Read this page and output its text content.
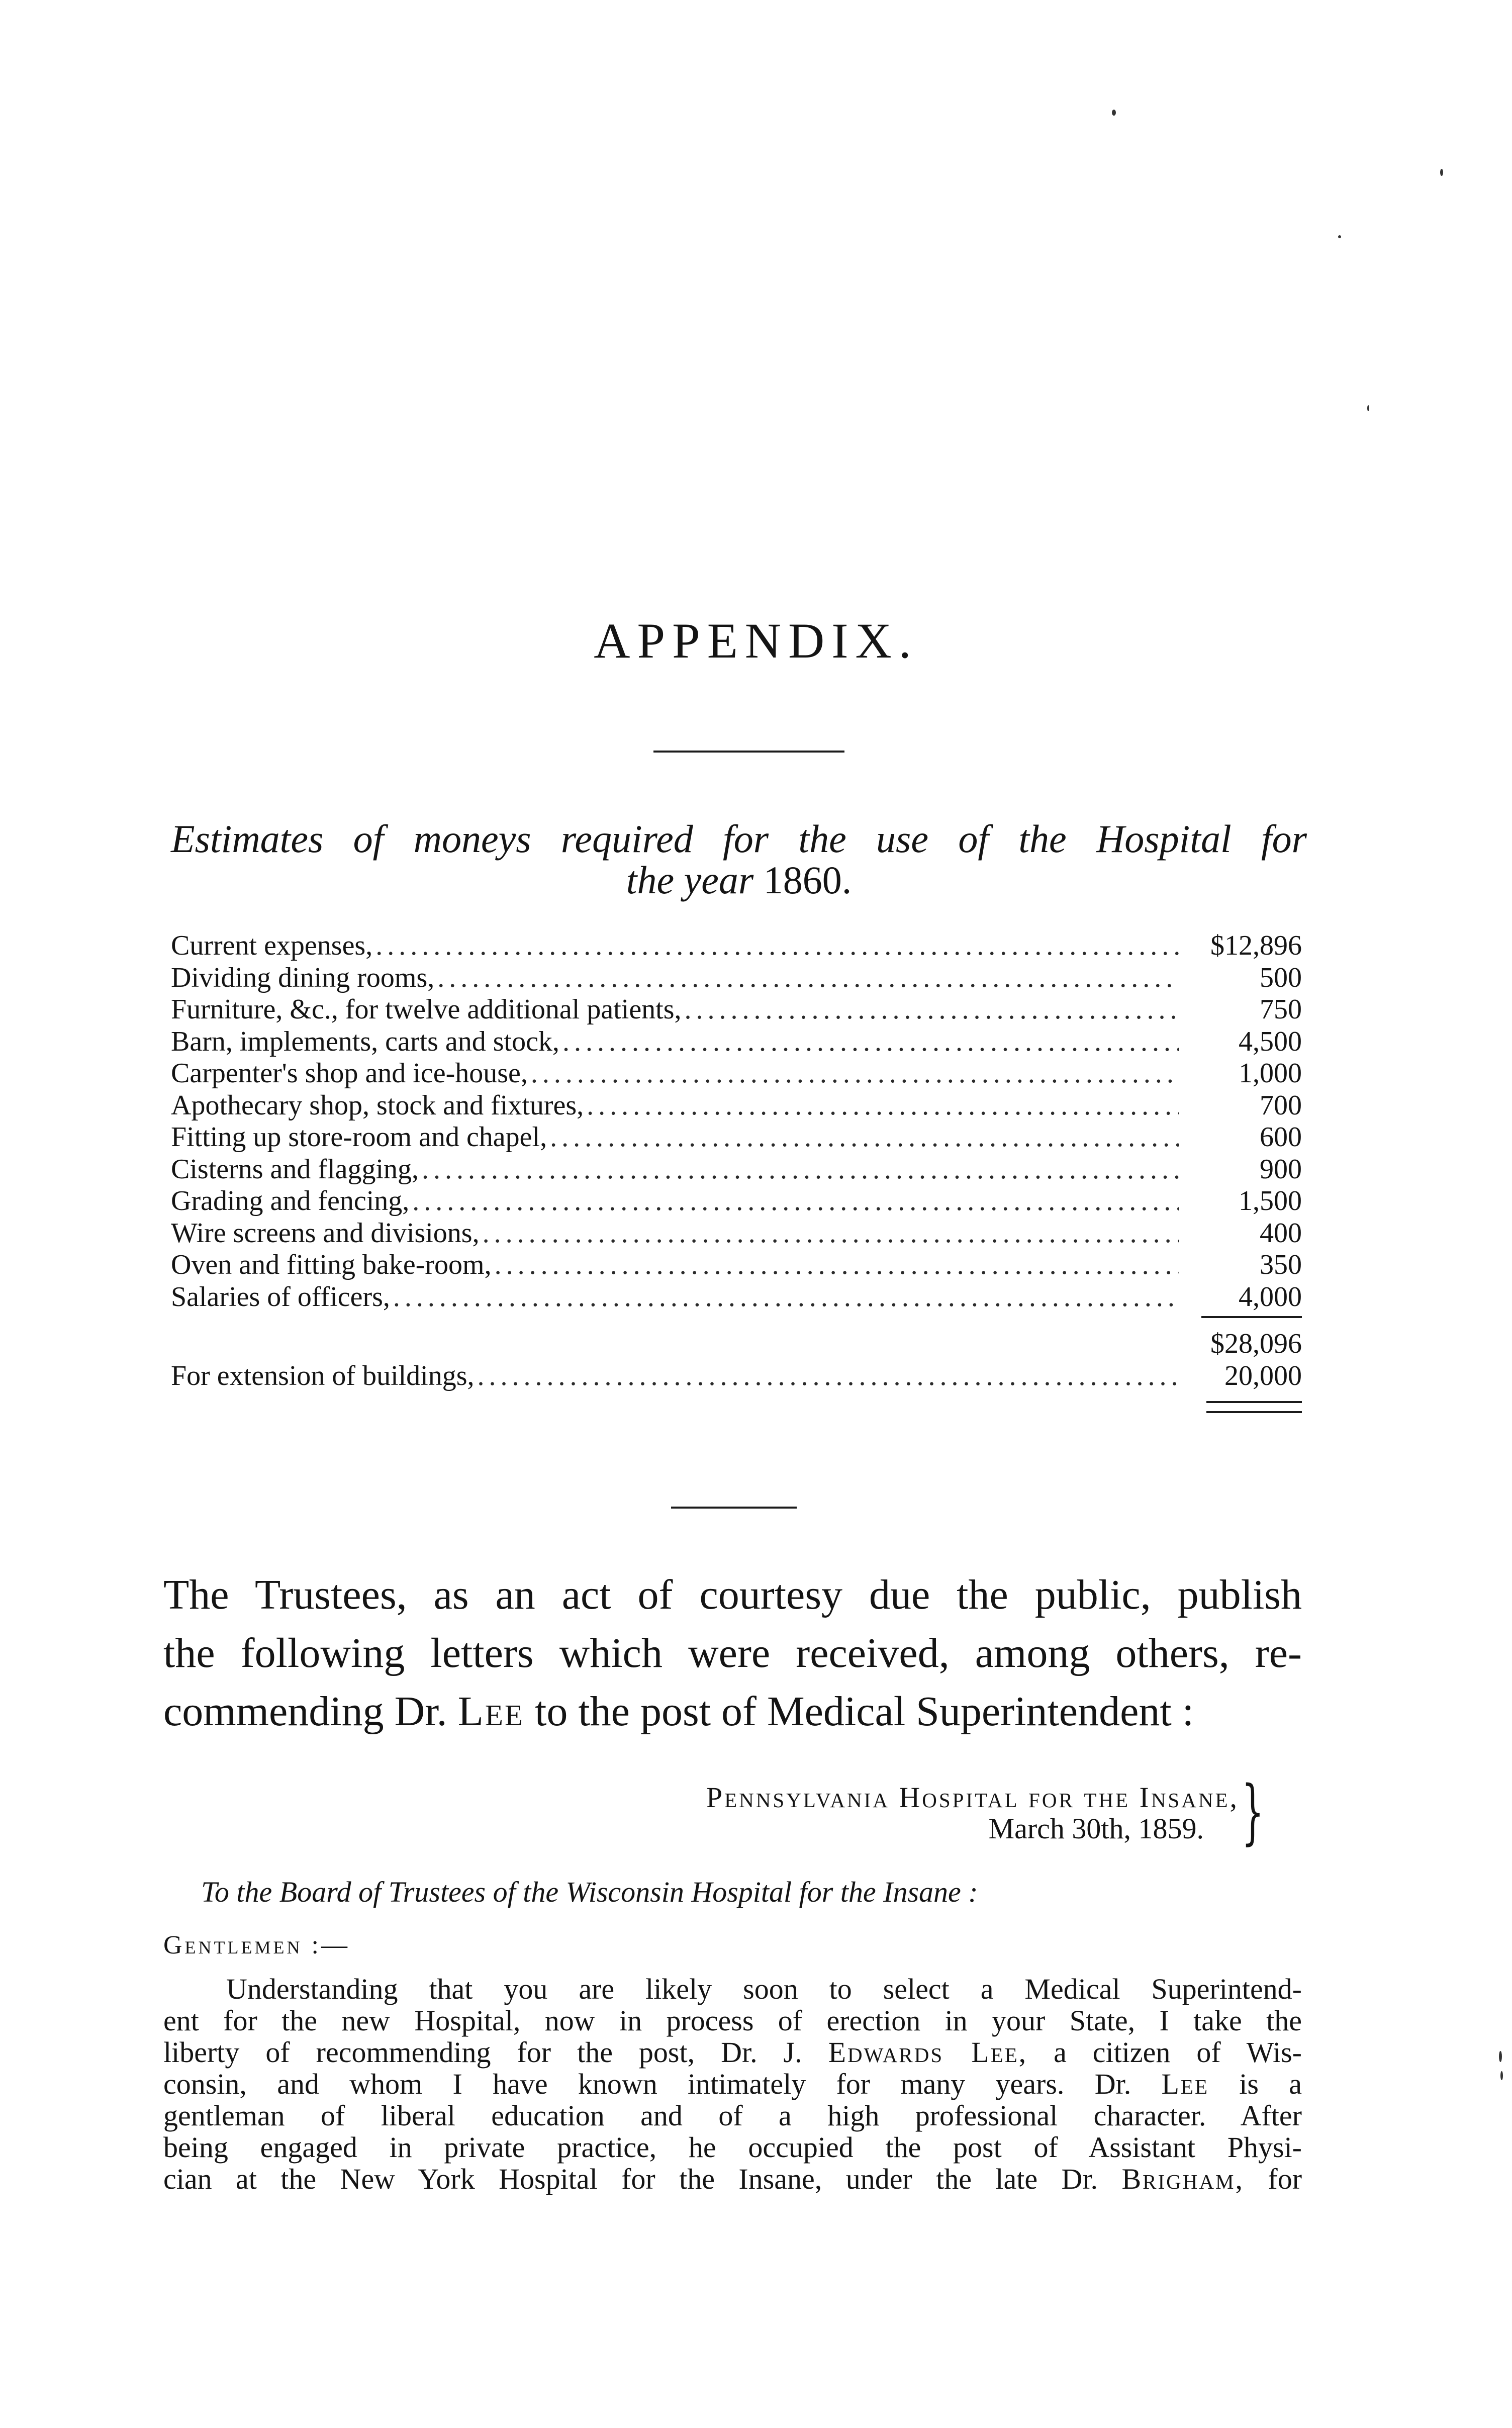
APPENDIX.
Estimates of moneys required for the use of the Hospital for
the year 1860.
Current expenses, .....	$12,896
Dividing dining rooms, .....	500
Furniture, &c., for twelve additional patients, .....	750
Barn, implements, carts and stock, .....	4,500
Carpenter's shop and ice-house, .....	1,000
Apothecary shop, stock and fixtures, .....	700
Fitting up store-room and chapel, .....	600
Cisterns and flagging, .....	900
Grading and fencing, .....	1,500
Wire screens and divisions, .....	400
Oven and fitting bake-room, .....	350
Salaries of officers, .....	4,000
$28,096
For extension of buildings, .....	20,000
The Trustees, as an act of courtesy due the public, publish
the following letters which were received, among others, re-
commending Dr. Lee to the post of Medical Superintendent :
Pennsylvania Hospital for the Insane,
March 30th, 1859. }
To the Board of Trustees of the Wisconsin Hospital for the Insane :
Gentlemen :—
Understanding that you are likely soon to select a Medical Superintend-
ent for the new Hospital, now in process of erection in your State, I take the
liberty of recommending for the post, Dr. J. Edwards Lee, a citizen of Wis-
consin, and whom I have known intimately for many years. Dr. Lee is a
gentleman of liberal education and of a high professional character. After
being engaged in private practice, he occupied the post of Assistant Physi-
cian at the New York Hospital for the Insane, under the late Dr. Brigham, for
